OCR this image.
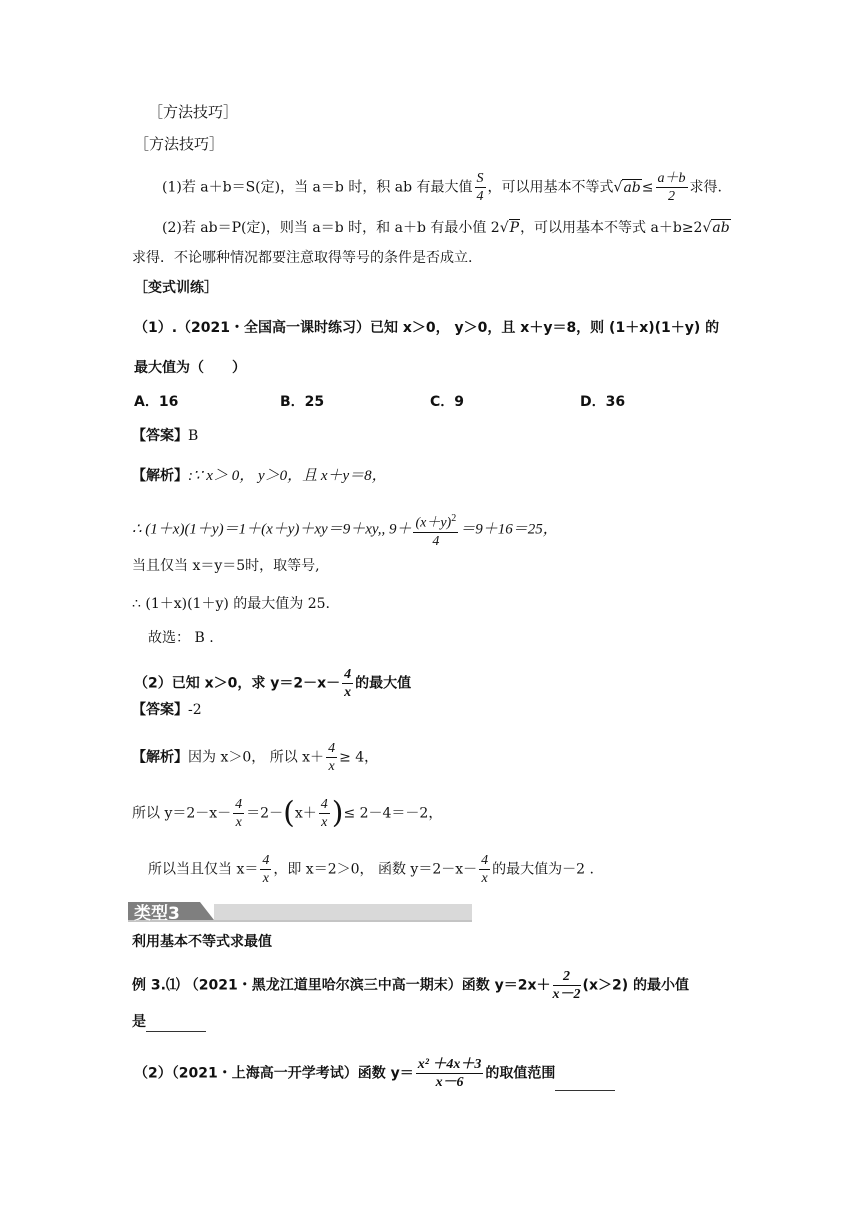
［方法技巧］
［方法技巧］
(1)若 a＋b＝S(定)，当 a＝b 时，积 ab 有最大值 $\frac{S}{4}$ ，可以用基本不等式$√ab\le \frac{a+b}{2}$ 求得.
(2)若 ab＝P(定)，则当 a＝b 时，和 a＋b 有最小值 2√P，可以用基本不等式 a＋b≥2√ab
求得．不论哪种情况都要注意取得等号的条件是否成立.
［变式训练］
（1）.（2021・全国高一课时练习）已知 x＞0， y＞0，且 x＋y＝8，则 (1＋x)(1＋y) 的
最大值为（　　）
A．16	B．25	C．9	D．36
【答案】B
【解析】:∵ x＞ 0， y＞0，且 x＋y＝8，
∴ (1＋x)(1＋y)＝1＋(x＋y)＋xy＝9＋xy,, $9+ \frac{(x+y)^2}{4} =9+16=25$，
当且仅当 x＝y＝5时，取等号,
∴ (1＋x)(1＋y) 的最大值为 25.
故选： B .
（2）已知 x＞0，求 $y=2-x- \frac{4}{x}$ 的最大值
【答案】-2
【解析】因为 x＞0， 所以 $x+ \frac{4}{x} \ge 4$，
所以 $y=2-x- \frac{4}{x} =2-(x+ \frac{4}{x}$ )≤ 2－4＝－2，
所以当且仅当 $x= \frac{4}{x}$ ，即 x＝2＞0， 函数 $y=2-x- \frac{4}{x}$ 的最大值为－2 .
类型3
利用基本不等式求最值
例 3.⑴ （2021・黑龙江道里哈尔滨三中高一期末）函数 $y=2x+ \frac{2}{x-2} (x>2)$ 的最小值
是
（2）（2021・上海高一开学考试）函数 $y= \frac{\text{x² ＋4x＋3}}{x-6}$ 的取值范围
